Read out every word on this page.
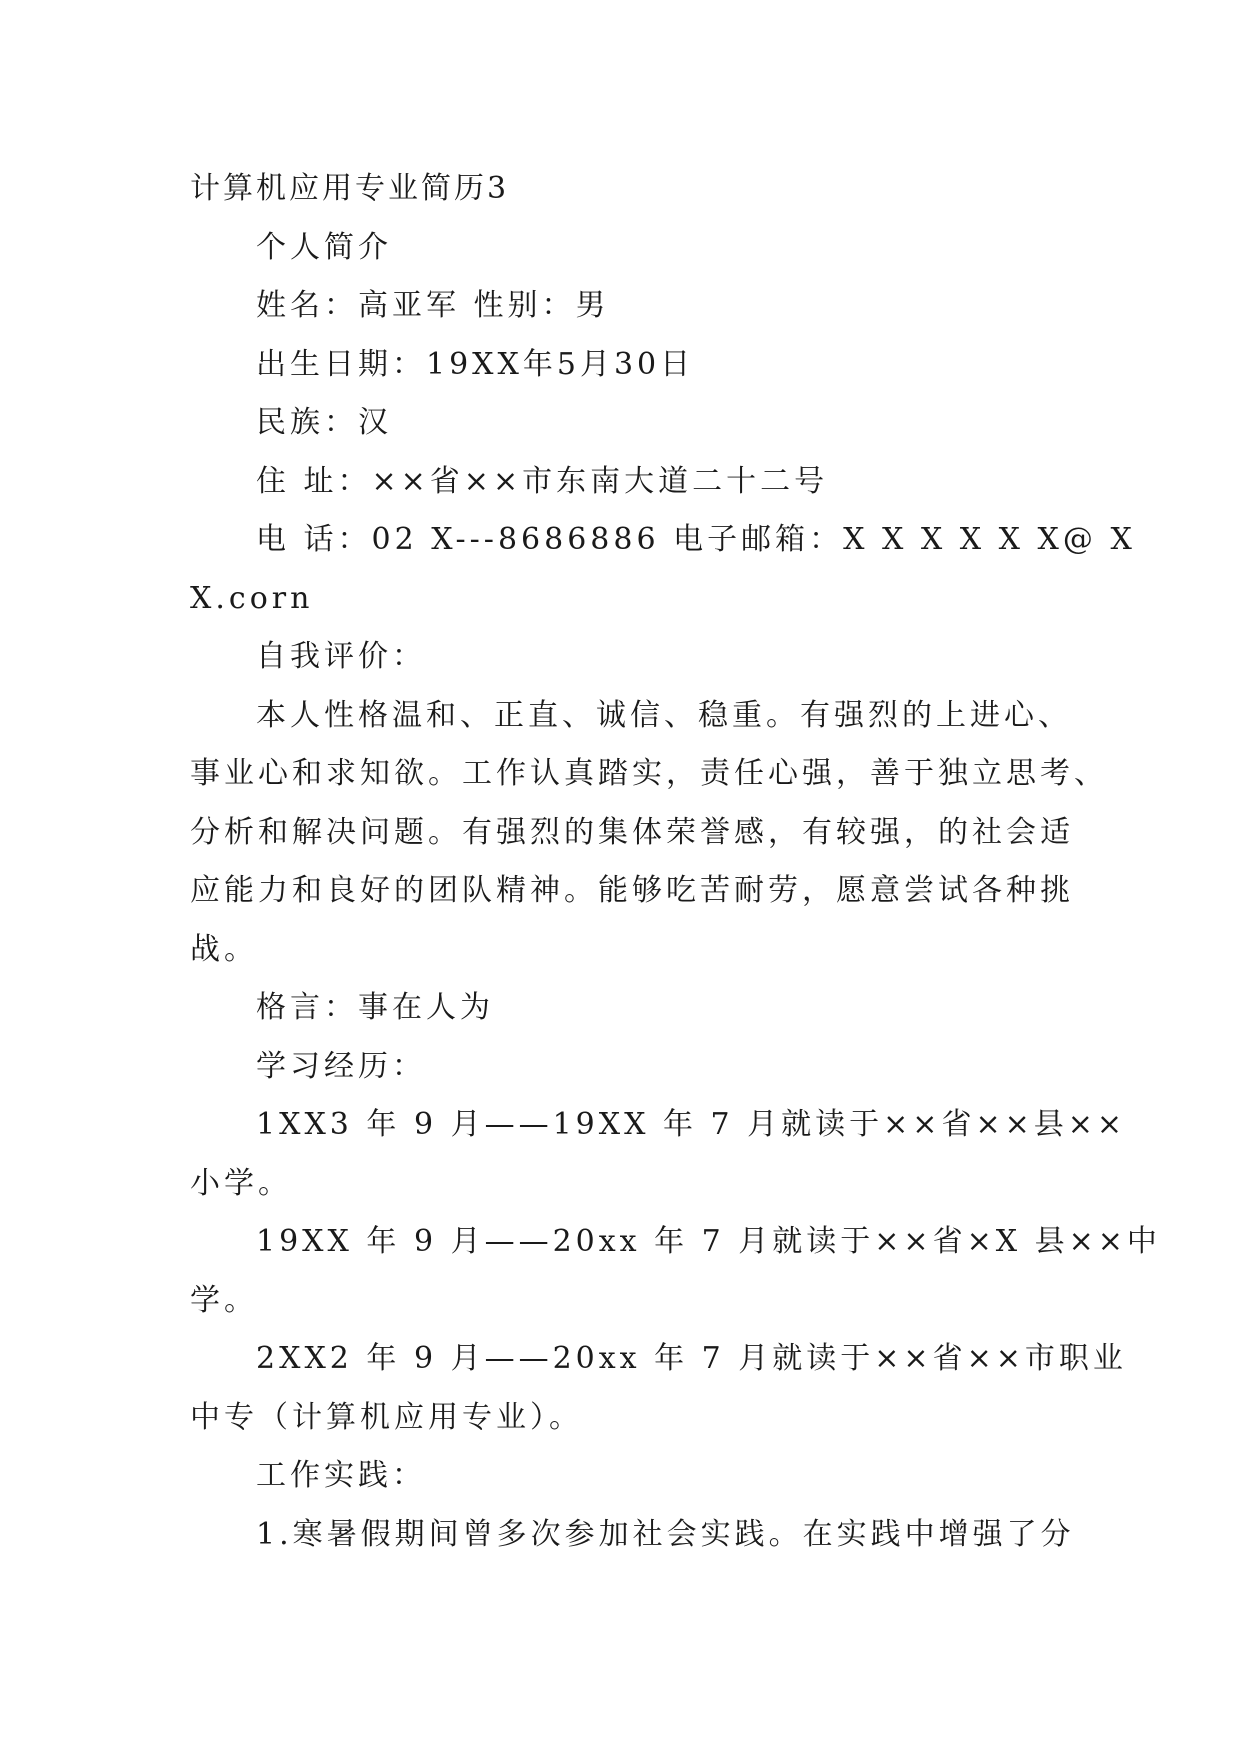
计算机应用专业简历3
个人简介
姓名：高亚军 性别：男
出生日期：19XX年5月30日
民族：汉
住 址：××省××市东南大道二十二号
电 话：02 X---8686886 电子邮箱：X X X X X X@ X
X.corn
自我评价：
本人性格温和、正直、诚信、稳重。有强烈的上进心、
事业心和求知欲。工作认真踏实，责任心强，善于独立思考、
分析和解决问题。有强烈的集体荣誉感，有较强，的社会适
应能力和良好的团队精神。能够吃苦耐劳，愿意尝试各种挑
战。
格言：事在人为
学习经历：
1XX3 年 9 月——19XX 年 7 月就读于××省××县××
小学。
19XX 年 9 月——20xx 年 7 月就读于××省×X 县××中
学。
2XX2 年 9 月——20xx 年 7 月就读于××省××市职业
中专（计算机应用专业）。
工作实践：
1.寒暑假期间曾多次参加社会实践。在实践中增强了分
